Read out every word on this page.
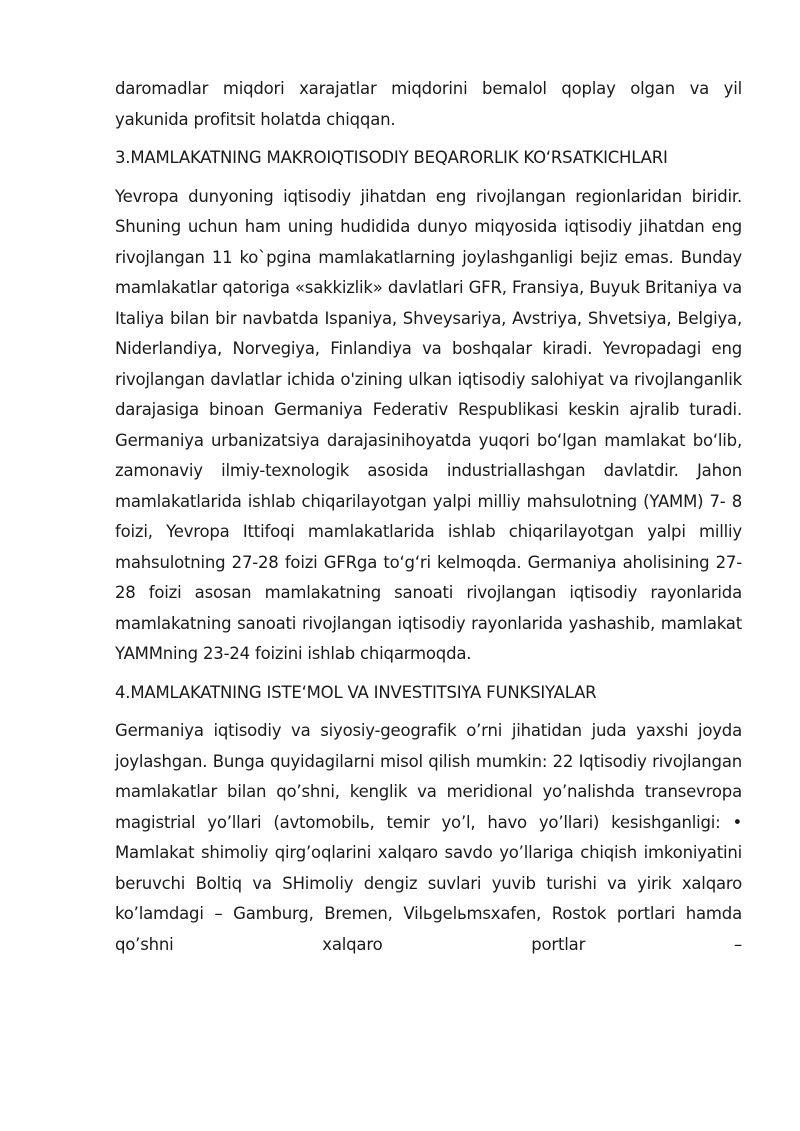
daromadlar miqdori xarajatlar miqdorini bemalol qoplay olgan va yil yakunida profitsit holatda chiqqan.

3.MAMLAKATNING MAKROIQTISODIY BEQARORLIK KO‘RSATKICHLARI

Yevropa dunyoning iqtisodiy jihatdan eng rivojlangan regionlaridan biridir. Shuning uchun ham uning hudidida dunyo miqyosida iqtisodiy jihatdan eng rivojlangan 11 ko`pgina mamlakatlarning joylashganligi bejiz emas. Bunday mamlakatlar qatoriga «sakkizlik» davlatlari GFR, Fransiya, Buyuk Britaniya va Italiya bilan bir navbatda Ispaniya, Shveysariya, Avstriya, Shvetsiya, Belgiya, Niderlandiya, Norvegiya, Finlandiya va boshqalar kiradi. Yevropadagi eng rivojlangan davlatlar ichida o'zining ulkan iqtisodiy salohiyat va rivojlanganlik darajasiga binoan Germaniya Federativ Respublikasi keskin ajralib turadi. Germaniya urbanizatsiya darajasinihoyatda yuqori bo‘lgan mamlakat bo‘lib, zamonaviy ilmiy-texnologik asosida industriallashgan davlatdir. Jahon mamlakatlarida ishlab chiqarilayotgan yalpi milliy mahsulotning (YAMM) 7- 8 foizi, Yevropa Ittifoqi mamlakatlarida ishlab chiqarilayotgan yalpi milliy mahsulotning 27-28 foizi GFRga to‘g‘ri kelmoqda. Germaniya aholisining 27-28 foizi asosan mamlakatning sanoati rivojlangan iqtisodiy rayonlarida mamlakatning sanoati rivojlangan iqtisodiy rayonlarida yashashib, mamlakat YAMMning 23-24 foizini ishlab chiqarmoqda.

4.MAMLAKATNING ISTE‘MOL VA INVESTITSIYA FUNKSIYALAR

Germaniya iqtisodiy va siyosiy-geografik o’rni jihatidan juda yaxshi joyda joylashgan. Bunga quyidagilarni misol qilish mumkin: 22 Iqtisodiy rivojlangan mamlakatlar bilan qo’shni, kenglik va meridional yo’nalishda transevropa magistrial yo’llari (avtomobilь, temir yo’l, havo yo’llari) kesishganligi: • Mamlakat shimoliy qirg’oqlarini xalqaro savdo yo’llariga chiqish imkoniyatini beruvchi Boltiq va SHimoliy dengiz suvlari yuvib turishi va yirik xalqaro ko’lamdagi – Gamburg, Bremen, Vilьgelьmsxafen, Rostok portlari hamda qo’shni xalqaro portlar –
